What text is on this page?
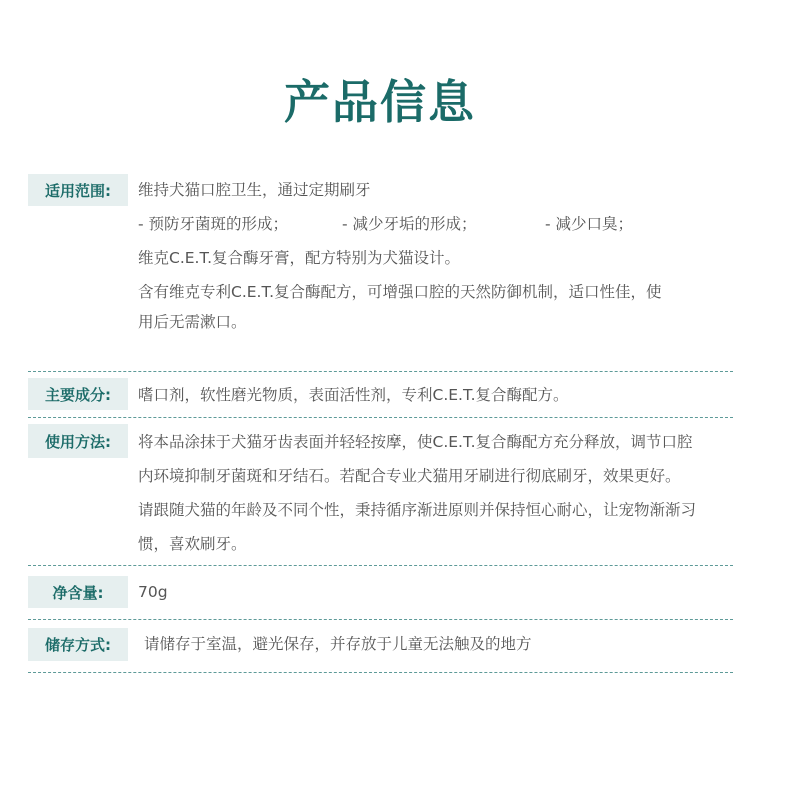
产品信息
适用范围:	维持犬猫口腔卫生，通过定期刷牙
- 预防牙菌斑的形成；	- 减少牙垢的形成；	- 减少口臭；
维克C.E.T.复合酶牙膏，配方特别为犬猫设计。
含有维克专利C.E.T.复合酶配方，可增强口腔的天然防御机制，适口性佳，使
用后无需漱口。
主要成分:	嗜口剂，软性磨光物质，表面活性剂，专利C.E.T.复合酶配方。
使用方法:	将本品涂抹于犬猫牙齿表面并轻轻按摩，使C.E.T.复合酶配方充分释放，调节口腔
内环境抑制牙菌斑和牙结石。若配合专业犬猫用牙刷进行彻底刷牙，效果更好。
请跟随犬猫的年龄及不同个性，秉持循序渐进原则并保持恒心耐心，让宠物渐渐习
惯，喜欢刷牙。
净含量:	70g
储存方式:	请储存于室温，避光保存，并存放于儿童无法触及的地方
